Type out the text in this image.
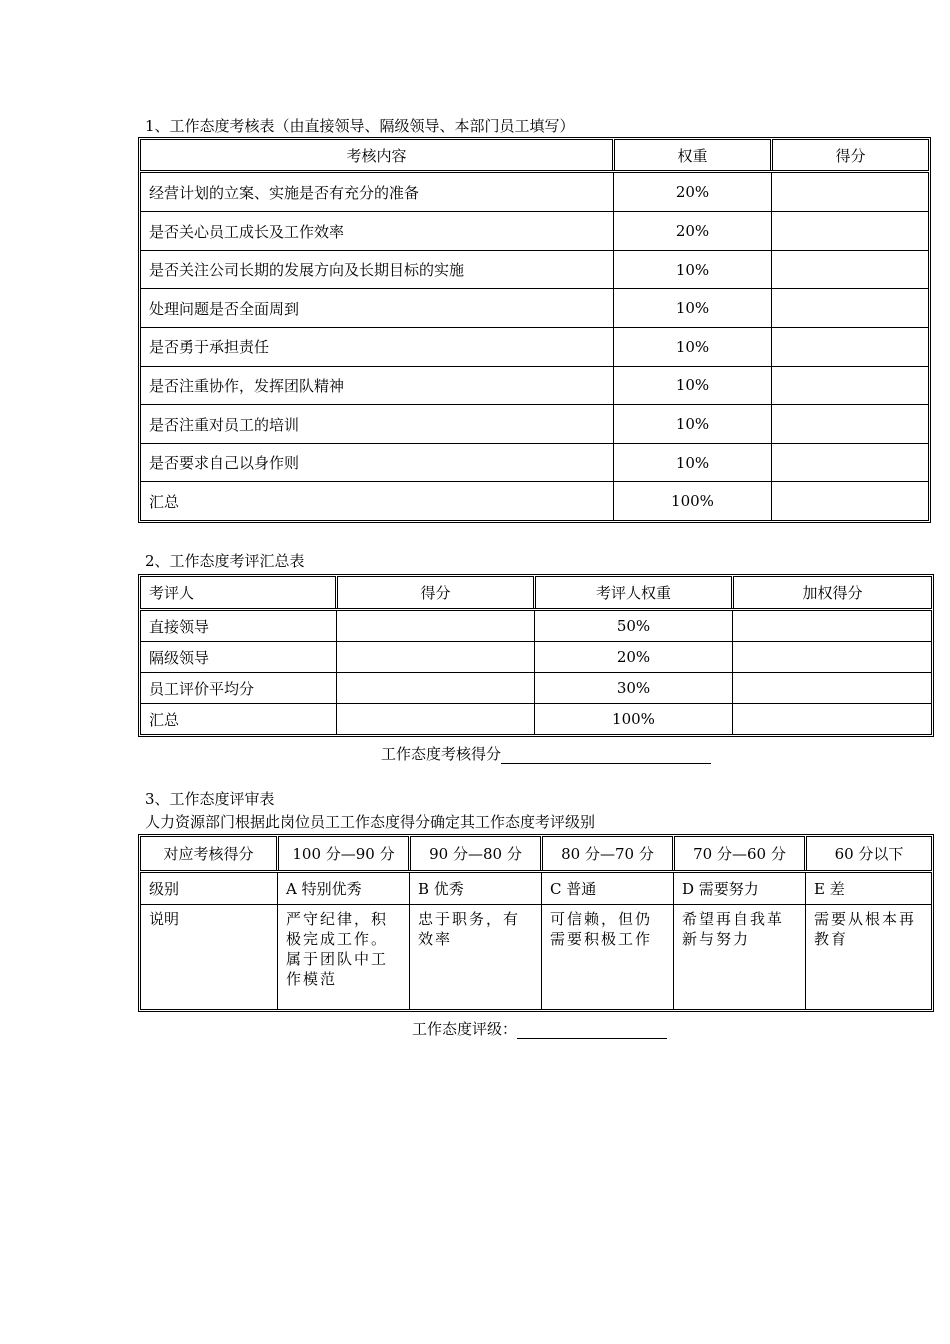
1、工作态度考核表（由直接领导、隔级领导、本部门员工填写）
考核内容	权重	得分
经营计划的立案、实施是否有充分的准备	20%	
是否关心员工成长及工作效率	20%	
是否关注公司长期的发展方向及长期目标的实施	10%	
处理问题是否全面周到	10%	
是否勇于承担责任	10%	
是否注重协作，发挥团队精神	10%	
是否注重对员工的培训	10%	
是否要求自己以身作则	10%	
汇总	100%	
2、工作态度考评汇总表
考评人	得分	考评人权重	加权得分
直接领导		50%	
隔级领导		20%	
员工评价平均分		30%	
汇总		100%	
工作态度考核得分
3、工作态度评审表
人力资源部门根据此岗位员工工作态度得分确定其工作态度考评级别
对应考核得分	100 分—90 分	90 分—80 分	80 分—70 分	70 分—60 分	60 分以下
级别	A 特别优秀	B 优秀	C 普通	D 需要努力	E 差
说明	严守纪律，积极完成工作。属于团队中工作模范	忠于职务，有效率	可信赖，但仍需要积极工作	希望再自我革新与努力	需要从根本再教育
工作态度评级：
